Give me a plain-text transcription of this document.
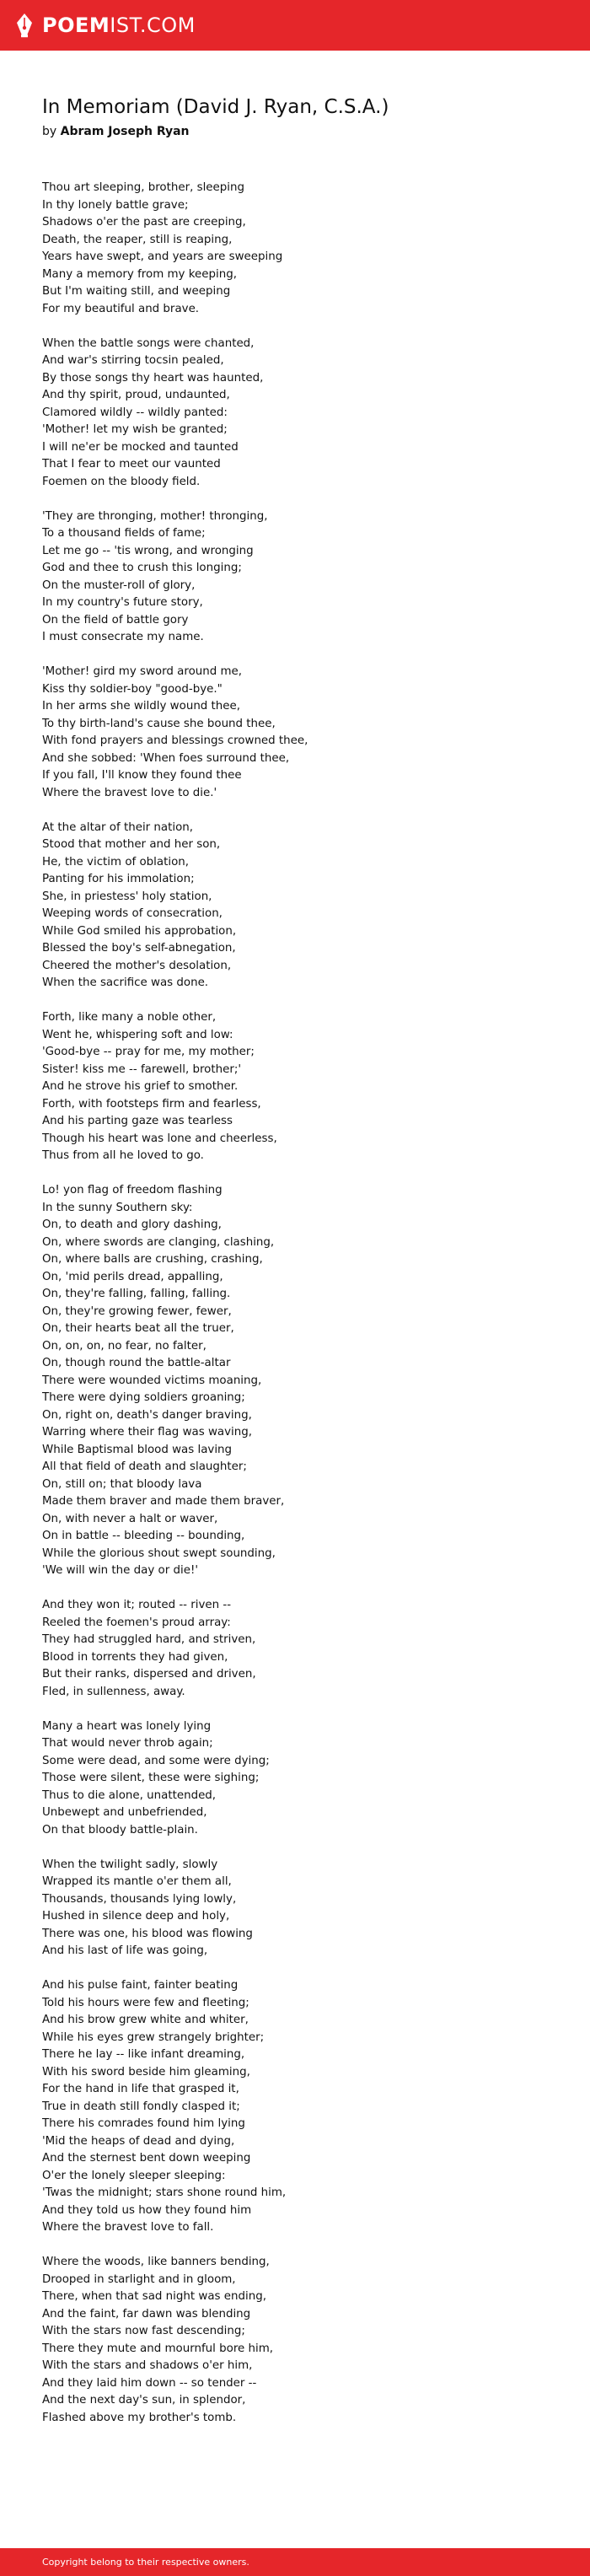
POEMIST.COM
In Memoriam (David J. Ryan, C.S.A.)
by Abram Joseph Ryan
Thou art sleeping, brother, sleeping
In thy lonely battle grave;
Shadows o'er the past are creeping,
Death, the reaper, still is reaping,
Years have swept, and years are sweeping
Many a memory from my keeping,
But I'm waiting still, and weeping
For my beautiful and brave.
When the battle songs were chanted,
And war's stirring tocsin pealed,
By those songs thy heart was haunted,
And thy spirit, proud, undaunted,
Clamored wildly -- wildly panted:
'Mother! let my wish be granted;
I will ne'er be mocked and taunted
That I fear to meet our vaunted
Foemen on the bloody field.
'They are thronging, mother! thronging,
To a thousand fields of fame;
Let me go -- 'tis wrong, and wronging
God and thee to crush this longing;
On the muster-roll of glory,
In my country's future story,
On the field of battle gory
I must consecrate my name.
'Mother! gird my sword around me,
Kiss thy soldier-boy "good-bye."
In her arms she wildly wound thee,
To thy birth-land's cause she bound thee,
With fond prayers and blessings crowned thee,
And she sobbed: 'When foes surround thee,
If you fall, I'll know they found thee
Where the bravest love to die.'
At the altar of their nation,
Stood that mother and her son,
He, the victim of oblation,
Panting for his immolation;
She, in priestess' holy station,
Weeping words of consecration,
While God smiled his approbation,
Blessed the boy's self-abnegation,
Cheered the mother's desolation,
When the sacrifice was done.
Forth, like many a noble other,
Went he, whispering soft and low:
'Good-bye -- pray for me, my mother;
Sister! kiss me -- farewell, brother;'
And he strove his grief to smother.
Forth, with footsteps firm and fearless,
And his parting gaze was tearless
Though his heart was lone and cheerless,
Thus from all he loved to go.
Lo! yon flag of freedom flashing
In the sunny Southern sky:
On, to death and glory dashing,
On, where swords are clanging, clashing,
On, where balls are crushing, crashing,
On, 'mid perils dread, appalling,
On, they're falling, falling, falling.
On, they're growing fewer, fewer,
On, their hearts beat all the truer,
On, on, on, no fear, no falter,
On, though round the battle-altar
There were wounded victims moaning,
There were dying soldiers groaning;
On, right on, death's danger braving,
Warring where their flag was waving,
While Baptismal blood was laving
All that field of death and slaughter;
On, still on; that bloody lava
Made them braver and made them braver,
On, with never a halt or waver,
On in battle -- bleeding -- bounding,
While the glorious shout swept sounding,
'We will win the day or die!'
And they won it; routed -- riven --
Reeled the foemen's proud array:
They had struggled hard, and striven,
Blood in torrents they had given,
But their ranks, dispersed and driven,
Fled, in sullenness, away.
Many a heart was lonely lying
That would never throb again;
Some were dead, and some were dying;
Those were silent, these were sighing;
Thus to die alone, unattended,
Unbewept and unbefriended,
On that bloody battle-plain.
When the twilight sadly, slowly
Wrapped its mantle o'er them all,
Thousands, thousands lying lowly,
Hushed in silence deep and holy,
There was one, his blood was flowing
And his last of life was going,
And his pulse faint, fainter beating
Told his hours were few and fleeting;
And his brow grew white and whiter,
While his eyes grew strangely brighter;
There he lay -- like infant dreaming,
With his sword beside him gleaming,
For the hand in life that grasped it,
True in death still fondly clasped it;
There his comrades found him lying
'Mid the heaps of dead and dying,
And the sternest bent down weeping
O'er the lonely sleeper sleeping:
'Twas the midnight; stars shone round him,
And they told us how they found him
Where the bravest love to fall.
Where the woods, like banners bending,
Drooped in starlight and in gloom,
There, when that sad night was ending,
And the faint, far dawn was blending
With the stars now fast descending;
There they mute and mournful bore him,
With the stars and shadows o'er him,
And they laid him down -- so tender --
And the next day's sun, in splendor,
Flashed above my brother's tomb.
Copyright belong to their respective owners.
